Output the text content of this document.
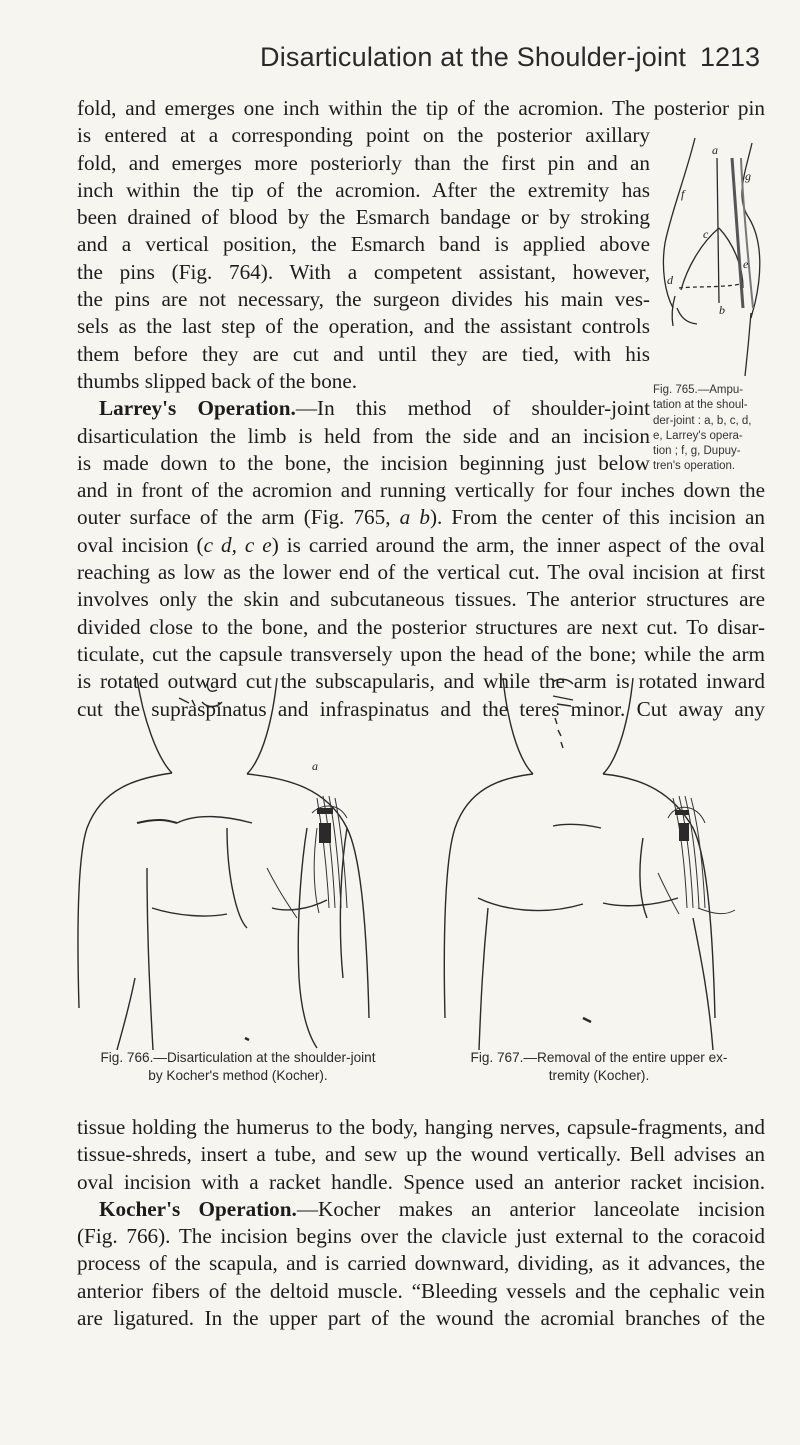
Disarticulation at the Shoulder-joint 1213
fold, and emerges one inch within the tip of the acromion. The posterior pin
is entered at a corresponding point on the posterior axillary
fold, and emerges more posteriorly than the first pin and an
inch within the tip of the acromion. After the extremity has
been drained of blood by the Esmarch bandage or by stroking
and a vertical position, the Esmarch band is applied above
the pins (Fig. 764). With a competent assistant, however,
the pins are not necessary, the surgeon divides his main ves-
sels as the last step of the operation, and the assistant controls
them before they are cut and until they are tied, with his
thumbs slipped back of the bone.
Larrey's Operation.—In this method of shoulder-joint
disarticulation the limb is held from the side and an incision
is made down to the bone, the incision beginning just below
and in front of the acromion and running vertically for four inches down the
outer surface of the arm (Fig. 765, a b). From the center of this incision an
oval incision (c d, c e) is carried around the arm, the inner aspect of the oval
reaching as low as the lower end of the vertical cut. The oval incision at first
involves only the skin and subcutaneous tissues. The anterior structures are
divided close to the bone, and the posterior structures are next cut. To disar-
ticulate, cut the capsule transversely upon the head of the bone; while the arm
is rotated outward cut the subscapularis, and while the arm is rotated inward
cut the supraspinatus and infraspinatus and the teres minor. Cut away any
a
b
c
d
e
f
g
Fig. 765.—Ampu-
tation at the shoul-
der-joint : a, b, c, d,
e, Larrey's opera-
tion ; f, g, Dupuy-
tren's operation.
a
Fig. 766.—Disarticulation at the shoulder-joint
by Kocher's method (Kocher).
Fig. 767.—Removal of the entire upper ex-
tremity (Kocher).
tissue holding the humerus to the body, hanging nerves, capsule-fragments, and
tissue-shreds, insert a tube, and sew up the wound vertically. Bell advises an
oval incision with a racket handle. Spence used an anterior racket incision.
Kocher's Operation.—Kocher makes an anterior lanceolate incision
(Fig. 766). The incision begins over the clavicle just external to the coracoid
process of the scapula, and is carried downward, dividing, as it advances, the
anterior fibers of the deltoid muscle. “Bleeding vessels and the cephalic vein
are ligatured. In the upper part of the wound the acromial branches of the
